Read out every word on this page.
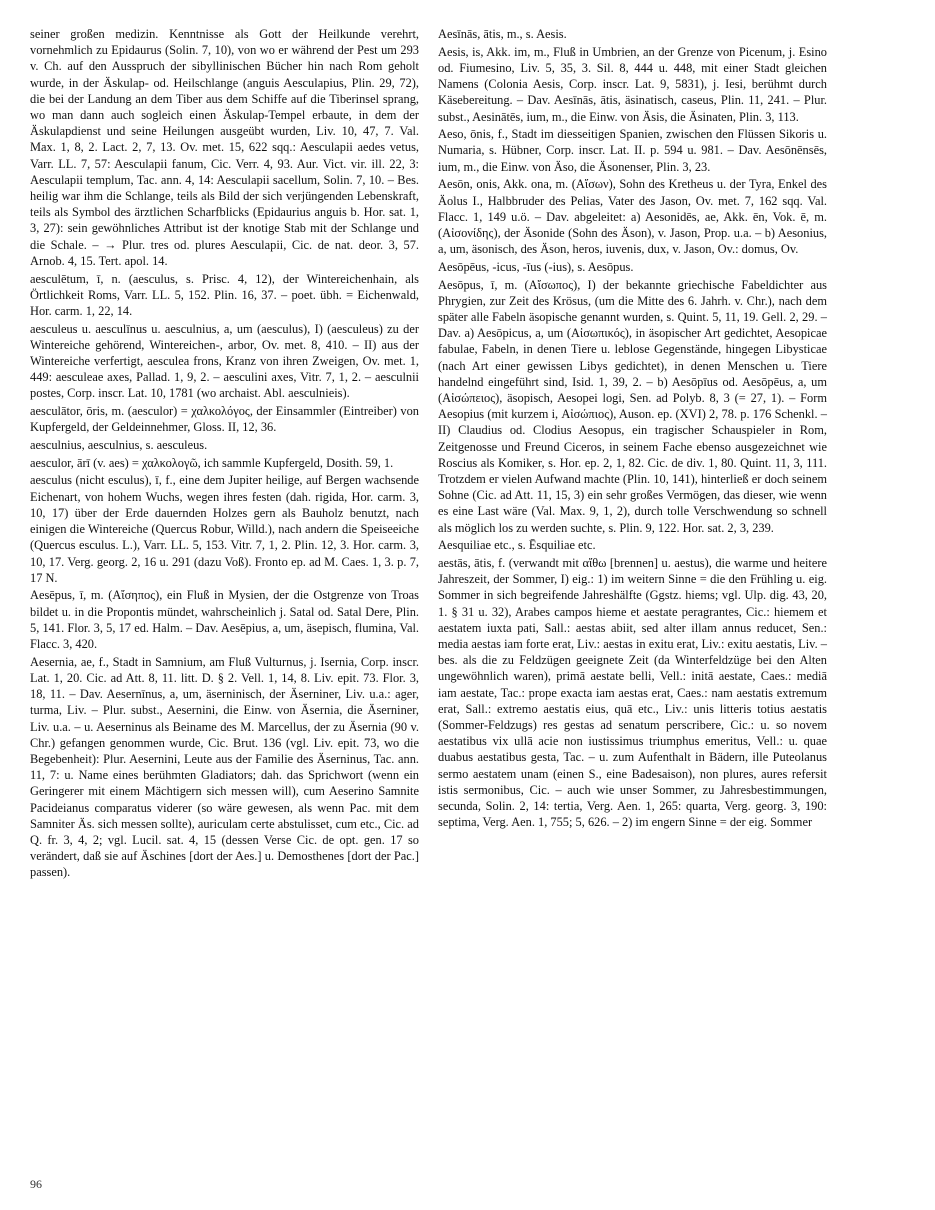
seiner großen medizin. Kenntnisse als Gott der Heilkunde verehrt, vornehmlich zu Epidaurus (Solin. 7, 10), von wo er während der Pest um 293 v. Ch. auf den Ausspruch der sibyllinischen Bücher hin nach Rom geholt wurde, in der Äskulap- od. Heilschlange (anguis Aesculapius, Plin. 29, 72), die bei der Landung an dem Tiber aus dem Schiffe auf die Tiberinsel sprang, wo man dann auch sogleich einen Äskulap-Tempel erbaute, in dem der Äskulapdienst und seine Heilungen ausgeübt wurden, Liv. 10, 47, 7. Val. Max. 1, 8, 2. Lact. 2, 7, 13. Ov. met. 15, 622 sqq.: Aesculapii aedes vetus, Varr. LL. 7, 57: Aesculapii fanum, Cic. Verr. 4, 93. Aur. Vict. vir. ill. 22, 3: Aesculapii templum, Tac. ann. 4, 14: Aesculapii sacellum, Solin. 7, 10. – Bes. heilig war ihm die Schlange, teils als Bild der sich verjüngenden Lebenskraft, teils als Symbol des ärztlichen Scharfblicks (Epidaurius anguis b. Hor. sat. 1, 3, 27): sein gewöhnliches Attribut ist der knotige Stab mit der Schlange und die Schale. – → Plur. tres od. plures Aesculapii, Cic. de nat. deor. 3, 57. Arnob. 4, 15. Tert. apol. 14.

aesculētum, ī, n. (aesculus, s. Prisc. 4, 12), der Wintereichenhain, als Örtlichkeit Roms, Varr. LL. 5, 152. Plin. 16, 37. – poet. übh. = Eichenwald, Hor. carm. 1, 22, 14.

aesculeus u. aesculīnus u. aesculnius, a, um (aesculus), I) (aesculeus) zu der Wintereiche gehörend, Wintereichen-, arbor, Ov. met. 8, 410. – II) aus der Wintereiche verfertigt, aesculea frons, Kranz von ihren Zweigen, Ov. met. 1, 449: aesculeae axes, Pallad. 1, 9, 2. – aesculini axes, Vitr. 7, 1, 2. – aesculnii postes, Corp. inscr. Lat. 10, 1781 (wo archaist. Abl. aesculnieis).

aesculātor, ōris, m. (aesculor) = χαλκολόγος, der Einsammler (Eintreiber) von Kupfergeld, der Geldeinnehmer, Gloss. II, 12, 36.

aesculnius, aesculnius, s. aesculeus.

aesculor, ārī (v. aes) = χαλκολογῶ, ich sammle Kupfergeld, Dosith. 59, 1.

aesculus (nicht esculus), ī, f., eine dem Jupiter heilige, auf Bergen wachsende Eichenart, von hohem Wuchs, wegen ihres festen (dah. rigida, Hor. carm. 3, 10, 17) über der Erde dauernden Holzes gern als Bauholz benutzt, nach einigen die Wintereiche (Quercus Robur, Willd.), nach andern die Speiseeiche (Quercus esculus. L.), Varr. LL. 5, 153. Vitr. 7, 1, 2. Plin. 12, 3. Hor. carm. 3, 10, 17. Verg. georg. 2, 16 u. 291 (dazu Voß). Fronto ep. ad M. Caes. 1, 3. p. 7, 17 N.

Aesēpus, ī, m. (Αἴσηπος), ein Fluß in Mysien, der die Ostgrenze von Troas bildet u. in die Propontis mündet, wahrscheinlich j. Satal od. Satal Dere, Plin. 5, 141. Flor. 3, 5, 17 ed. Halm. – Dav. Aesēpius, a, um, äsepisch, flumina, Val. Flacc. 3, 420.

Aesernia, ae, f., Stadt in Samnium, am Fluß Vulturnus, j. Isernia, Corp. inscr. Lat. 1, 20. Cic. ad Att. 8, 11. litt. D. § 2. Vell. 1, 14, 8. Liv. epit. 73. Flor. 3, 18, 11. – Dav. Aesernīnus, a, um, äserninisch, der Äserniner, Liv. u.a.: ager, turma, Liv. – Plur. subst., Aesernini, die Einw. von Äsernia, die Äserniner, Liv. u.a. – u. Aeserninus als Beiname des M. Marcellus, der zu Äsernia (90 v. Chr.) gefangen genommen wurde, Cic. Brut. 136 (vgl. Liv. epit. 73, wo die Begebenheit): Plur. Aesernini, Leute aus der Familie des Äserninus, Tac. ann. 11, 7: u. Name eines berühmten Gladiators; dah. das Sprichwort (wenn ein Geringerer mit einem Mächtigern sich messen will), cum Aeserino Samnite Pacideianus comparatus viderer (so wäre gewesen, als wenn Pac. mit dem Samniter Äs. sich messen sollte), auriculam certe abstulisset, cum etc., Cic. ad Q. fr. 3, 4, 2; vgl. Lucil. sat. 4, 15 (dessen Verse Cic. de opt. gen. 17 so verändert, daß sie auf Äschines [dort der Aes.] u. Demosthenes [dort der Pac.] passen).

Aesīnās, ātis, m., s. Aesis.

Aesis, is, Akk. im, m., Fluß in Umbrien, an der Grenze von Picenum, j. Esino od. Fiumesino, Liv. 5, 35, 3. Sil. 8, 444 u. 448, mit einer Stadt gleichen Namens (Colonia Aesis, Corp. inscr. Lat. 9, 5831), j. Iesi, berühmt durch Käsebereitung. – Dav. Aesīnās, ātis, äsinatisch, caseus, Plin. 11, 241. – Plur. subst., Aesinātēs, ium, m., die Einw. von Äsis, die Äsinaten, Plin. 3, 113.

Aeso, ōnis, f., Stadt im diesseitigen Spanien, zwischen den Flüssen Sikoris u. Numaria, s. Hübner, Corp. inscr. Lat. II. p. 594 u. 981. – Dav. Aesōnēnsēs, ium, m., die Einw. von Äso, die Äsonenser, Plin. 3, 23.

Aesōn, onis, Akk. ona, m. (Αἴσων), Sohn des Kretheus u. der Tyra, Enkel des Äolus I., Halbbruder des Pelias, Vater des Jason, Ov. met. 7, 162 sqq. Val. Flacc. 1, 149 u.ö. – Dav. abgeleitet: a) Aesonidēs, ae, Akk. ēn, Vok. ē, m. (Αἰσονίδης), der Äsonide (Sohn des Äson), v. Jason, Prop. u.a. – b) Aesonius, a, um, äsonisch, des Äson, heros, iuvenis, dux, v. Jason, Ov.: domus, Ov.

Aesōpēus, -icus, -īus (-ius), s. Aesōpus.

Aesōpus, ī, m. (Αἴσωπος), I) der bekannte griechische Fabeldichter aus Phrygien, zur Zeit des Krösus, (um die Mitte des 6. Jahrh. v. Chr.), nach dem später alle Fabeln äsopische genannt wurden, s. Quint. 5, 11, 19. Gell. 2, 29. – Dav. a) Aesōpicus, a, um (Αἰσωπικός), in äsopischer Art gedichtet, Aesopicae fabulae, Fabeln, in denen Tiere u. leblose Gegenstände, hingegen Libysticae (nach Art einer gewissen Libys gedichtet), in denen Menschen u. Tiere handelnd eingeführt sind, Isid. 1, 39, 2. – b) Aesōpīus od. Aesōpēus, a, um (Αἰσώπειος), äsopisch, Aesopei logi, Sen. ad Polyb. 8, 3 (= 27, 1). – Form Aesopius (mit kurzem i, Αἰσώπιος), Auson. ep. (XVI) 2, 78. p. 176 Schenkl. – II) Claudius od. Clodius Aesopus, ein tragischer Schauspieler in Rom, Zeitgenosse und Freund Ciceros, in seinem Fache ebenso ausgezeichnet wie Roscius als Komiker, s. Hor. ep. 2, 1, 82. Cic. de div. 1, 80. Quint. 11, 3, 111. Trotzdem er vielen Aufwand machte (Plin. 10, 141), hinterließ er doch seinem Sohne (Cic. ad Att. 11, 15, 3) ein sehr großes Vermögen, das dieser, wie wenn es eine Last wäre (Val. Max. 9, 1, 2), durch tolle Verschwendung so schnell als möglich los zu werden suchte, s. Plin. 9, 122. Hor. sat. 2, 3, 239.

Aesquiliae etc., s. Ēsquiliae etc.

aestās, ātis, f. (verwandt mit αἴθω [brennen] u. aestus), die warme und heitere Jahreszeit, der Sommer, I) eig.: 1) im weitern Sinne = die den Frühling u. eig. Sommer in sich begreifende Jahreshälfte (Ggstz. hiems; vgl. Ulp. dig. 43, 20, 1. § 31 u. 32), Arabes campos hieme et aestate peragrantes, Cic.: hiemem et aestatem iuxta pati, Sall.: aestas abiit, sed alter illam annus reducet, Sen.: media aestas iam forte erat, Liv.: aestas in exitu erat, Liv.: exitu aestatis, Liv. – bes. als die zu Feldzügen geeignete Zeit (da Winterfeldzüge bei den Alten ungewöhnlich waren), primā aestate belli, Vell.: initā aestate, Caes.: mediā iam aestate, Tac.: prope exacta iam aestas erat, Caes.: nam aestatis extremum erat, Sall.: extremo aestatis eius, quā etc., Liv.: unis litteris totius aestatis (Sommer-Feldzugs) res gestas ad senatum perscribere, Cic.: u. so novem aestatibus vix ullā acie non iustissimus triumphus emeritus, Vell.: u. quae duabus aestatibus gesta, Tac. – u. zum Aufenthalt in Bädern, ille Puteolanus sermo aestatem unam (einen S., eine Badesaison), non plures, aures refersit istis sermonibus, Cic. – auch wie unser Sommer, zu Jahresbestimmungen, secunda, Solin. 2, 14: tertia, Verg. Aen. 1, 265: quarta, Verg. georg. 3, 190: septima, Verg. Aen. 1, 755; 5, 626. – 2) im engern Sinne = der eig. Sommer

96
